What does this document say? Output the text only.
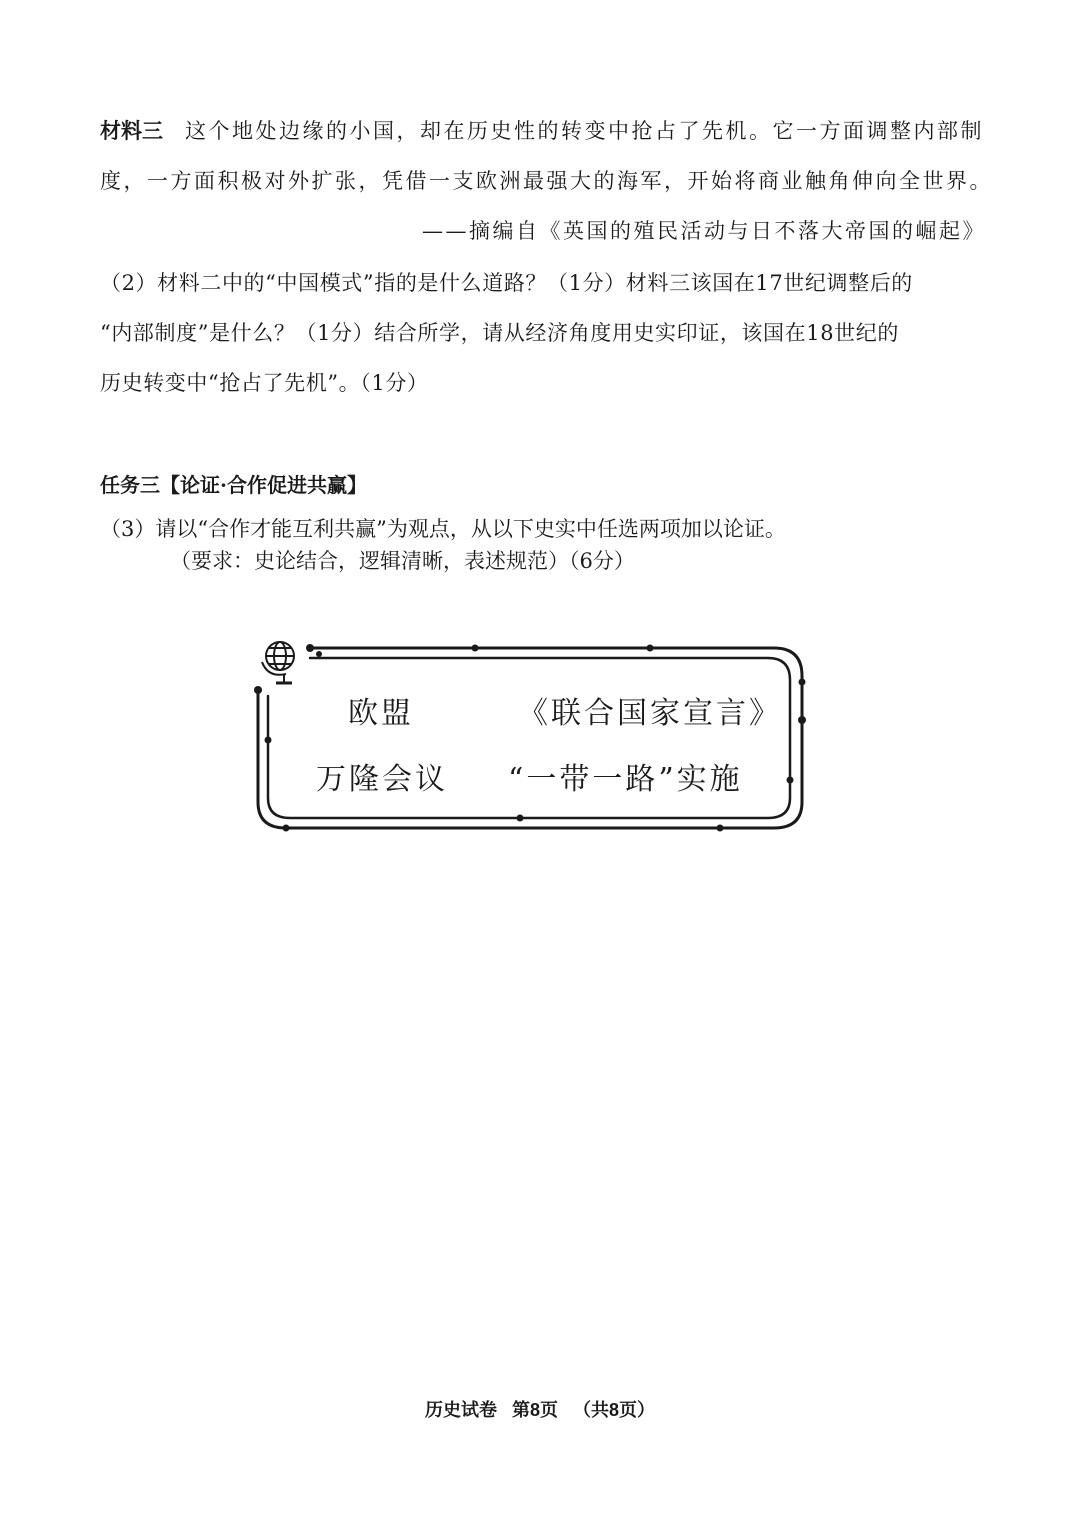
材料三 这个地处边缘的小国，却在历史性的转变中抢占了先机。它一方面调整内部制
度，一方面积极对外扩张，凭借一支欧洲最强大的海军，开始将商业触角伸向全世界。
——摘编自《英国的殖民活动与日不落大帝国的崛起》
（2）材料二中的“中国模式”指的是什么道路？（1分）材料三该国在17世纪调整后的
“内部制度”是什么？（1分）结合所学，请从经济角度用史实印证，该国在18世纪的
历史转变中“抢占了先机”。（1分）
任务三【论证·合作促进共赢】
（3）请以“合作才能互利共赢”为观点，从以下史实中任选两项加以论证。
（要求：史论结合，逻辑清晰，表述规范）（6分）
欧盟	《联合国家宣言》
万隆会议 “一带一路”实施
历史试卷   第8页   （共8页）
